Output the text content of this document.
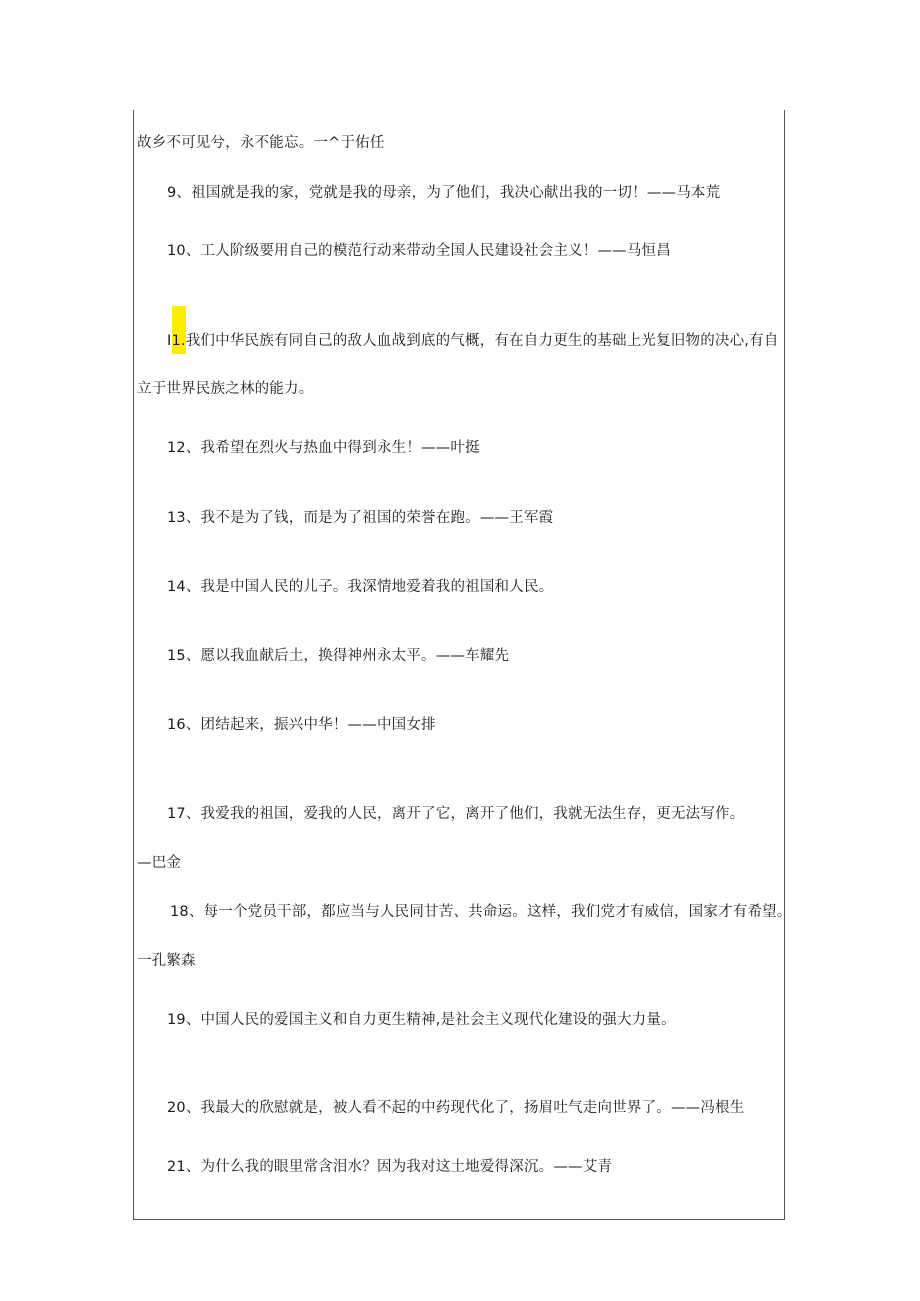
故乡不可见兮，永不能忘。一^于佑任
9、祖国就是我的家，党就是我的母亲，为了他们，我决心献出我的一切！——马本荒
10、工人阶级要用自己的模范行动来带动全国人民建设社会主义！——马恒昌
I1.我们中华民族有同自己的敌人血战到底的气概，有在自力更生的基础上光复旧物的决心,有自
立于世界民族之林的能力。
12、我希望在烈火与热血中得到永生！——叶挺
13、我不是为了钱，而是为了祖国的荣誉在跑。——王军霞
14、我是中国人民的儿子。我深情地爱着我的祖国和人民。
15、愿以我血献后土，换得神州永太平。——车耀先
16、团结起来，振兴中华！——中国女排
17、我爱我的祖国，爱我的人民，离开了它，离开了他们，我就无法生存，更无法写作。
—巴金
18、每一个党员干部，都应当与人民同甘苦、共命运。这样，我们党才有威信，国家才有希望。
一孔繁森
19、中国人民的爱国主义和自力更生精神,是社会主义现代化建设的强大力量。
20、我最大的欣慰就是，被人看不起的中药现代化了，扬眉吐气走向世界了。——冯根生
21、为什么我的眼里常含泪水？因为我对这土地爱得深沉。——艾青
